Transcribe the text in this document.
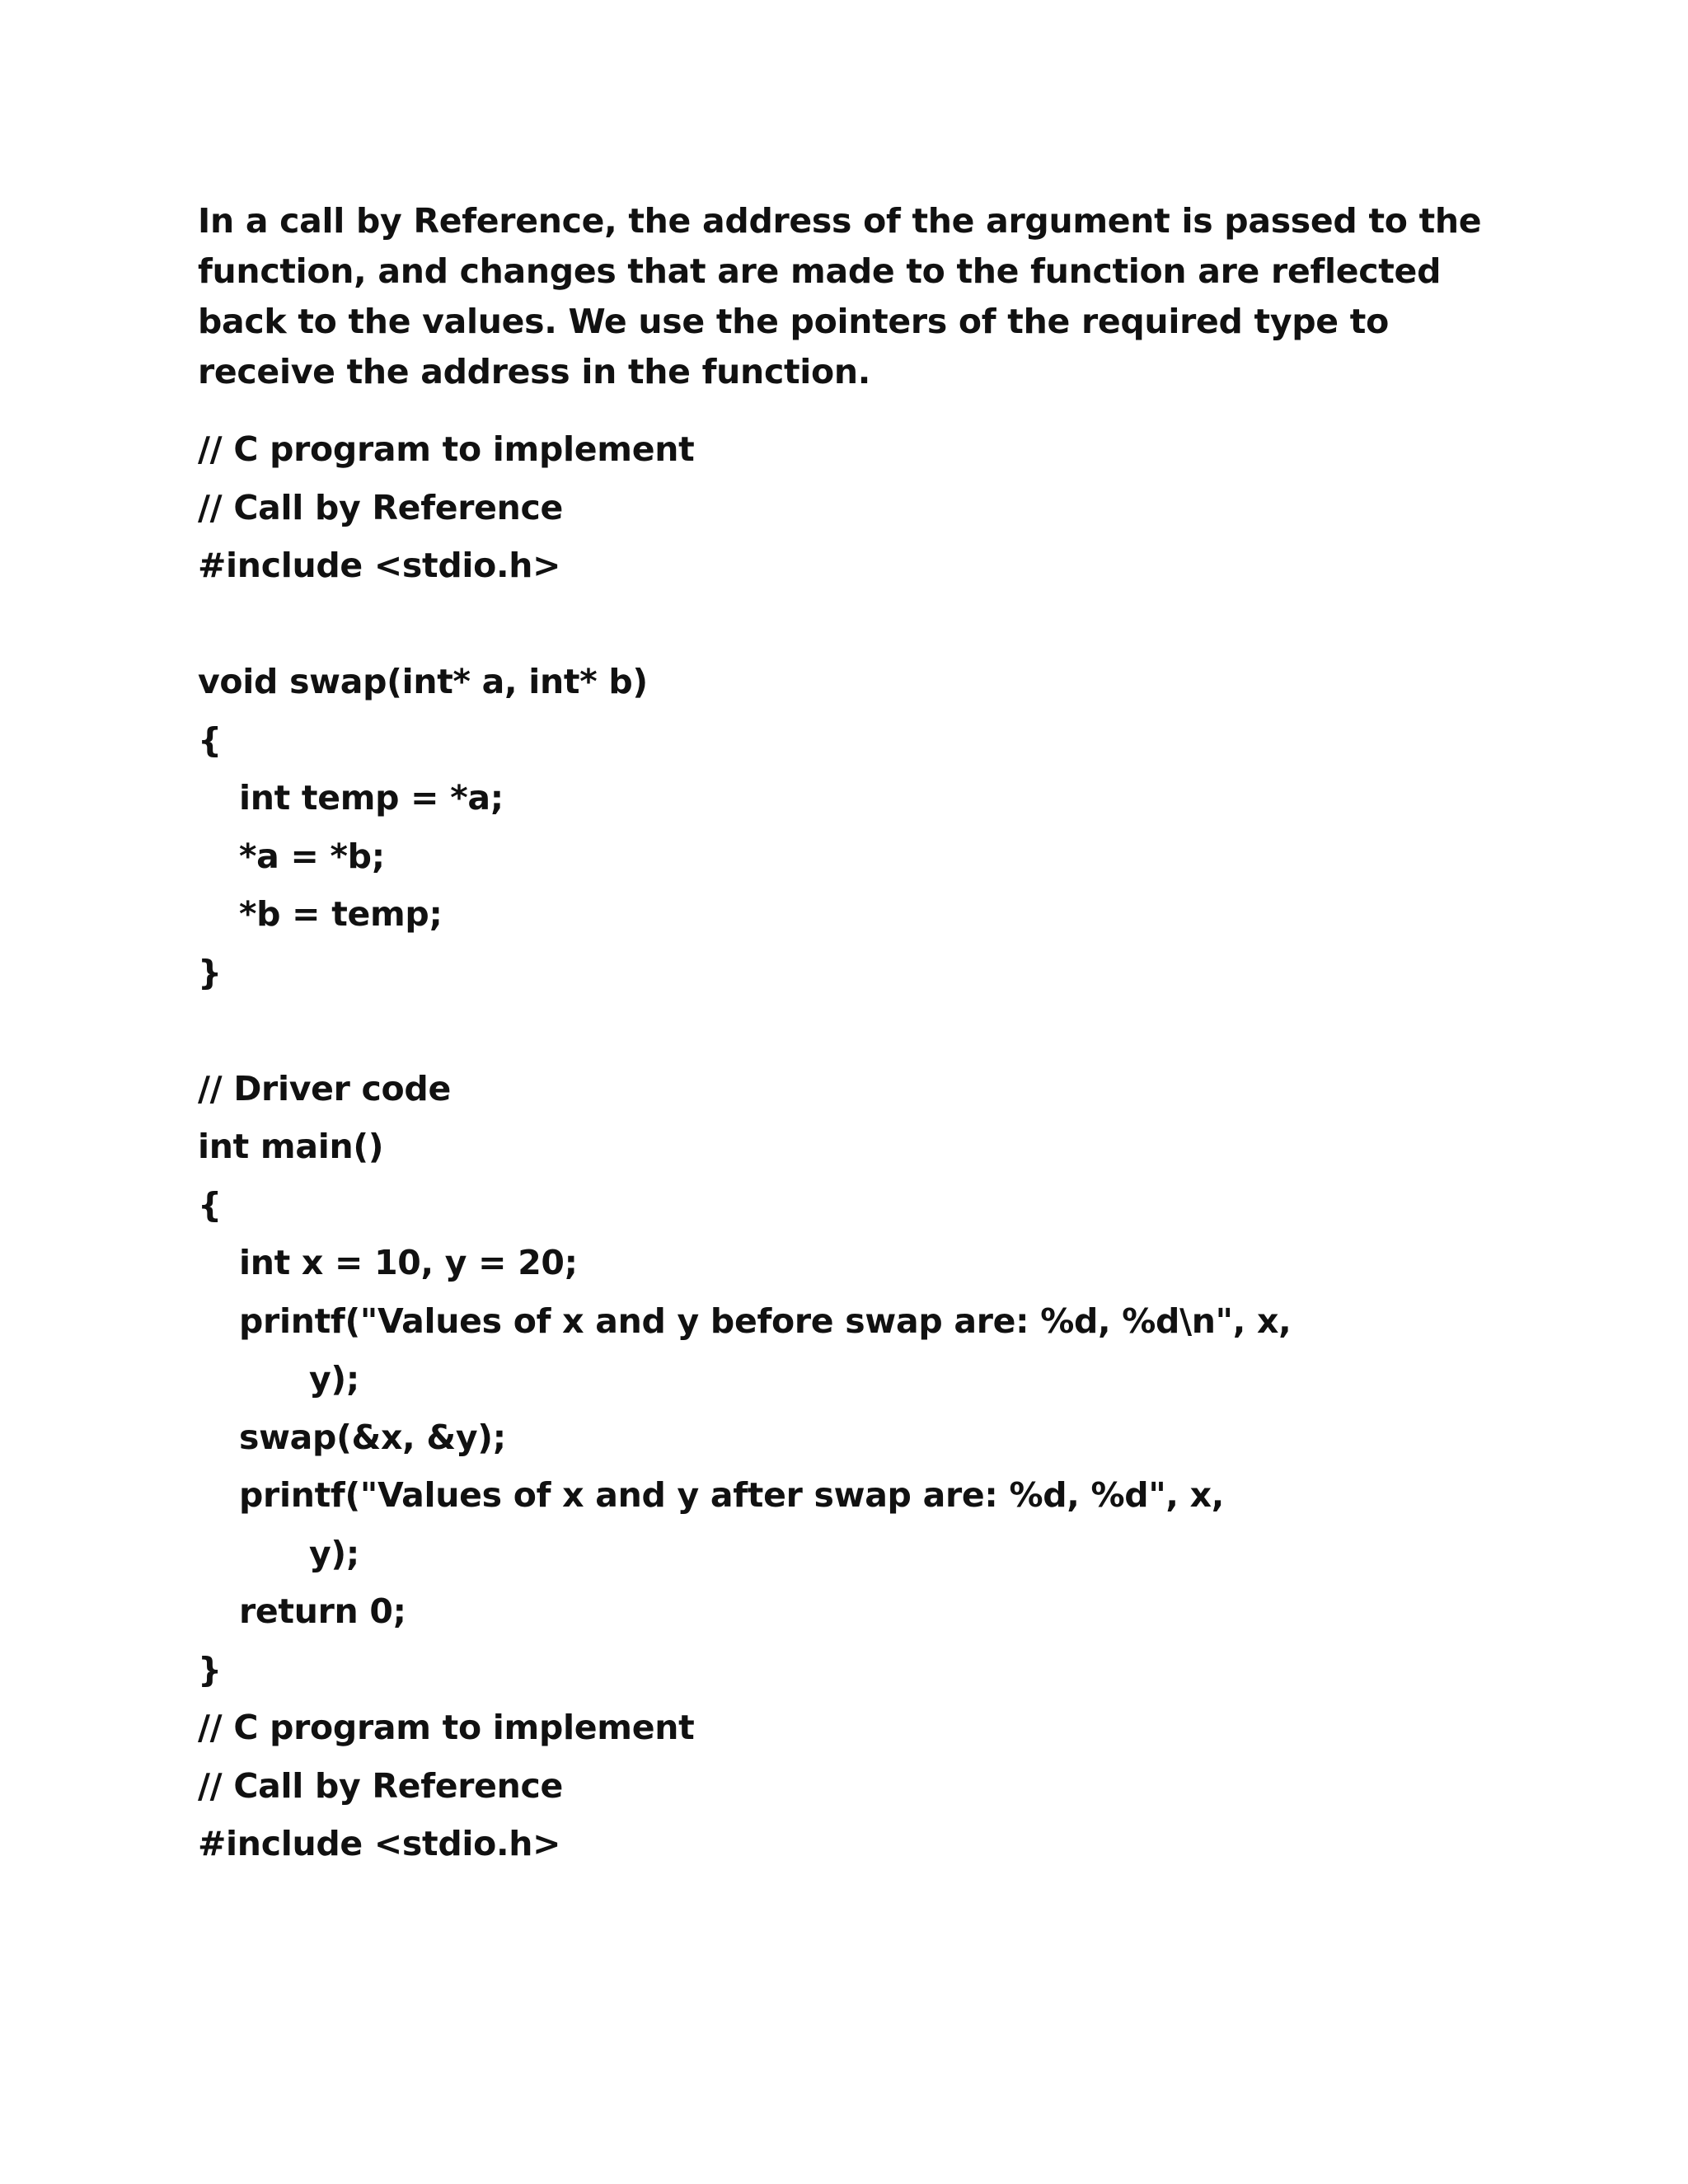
In a call by Reference, the address of the argument is passed to the function, and changes that are made to the function are reflected back to the values. We use the pointers of the required type to receive the address in the function.

// C program to implement
// Call by Reference
#include <stdio.h>
void swap(int* a, int* b)
{
int temp = *a;
*a = *b;
*b = temp;
}
// Driver code
int main()
{
int x = 10, y = 20;
printf("Values of x and y before swap are: %d, %d\n", x,
y);
swap(&x, &y);
printf("Values of x and y after swap are: %d, %d", x,
y);
return 0;
}
// C program to implement
// Call by Reference
#include <stdio.h>
